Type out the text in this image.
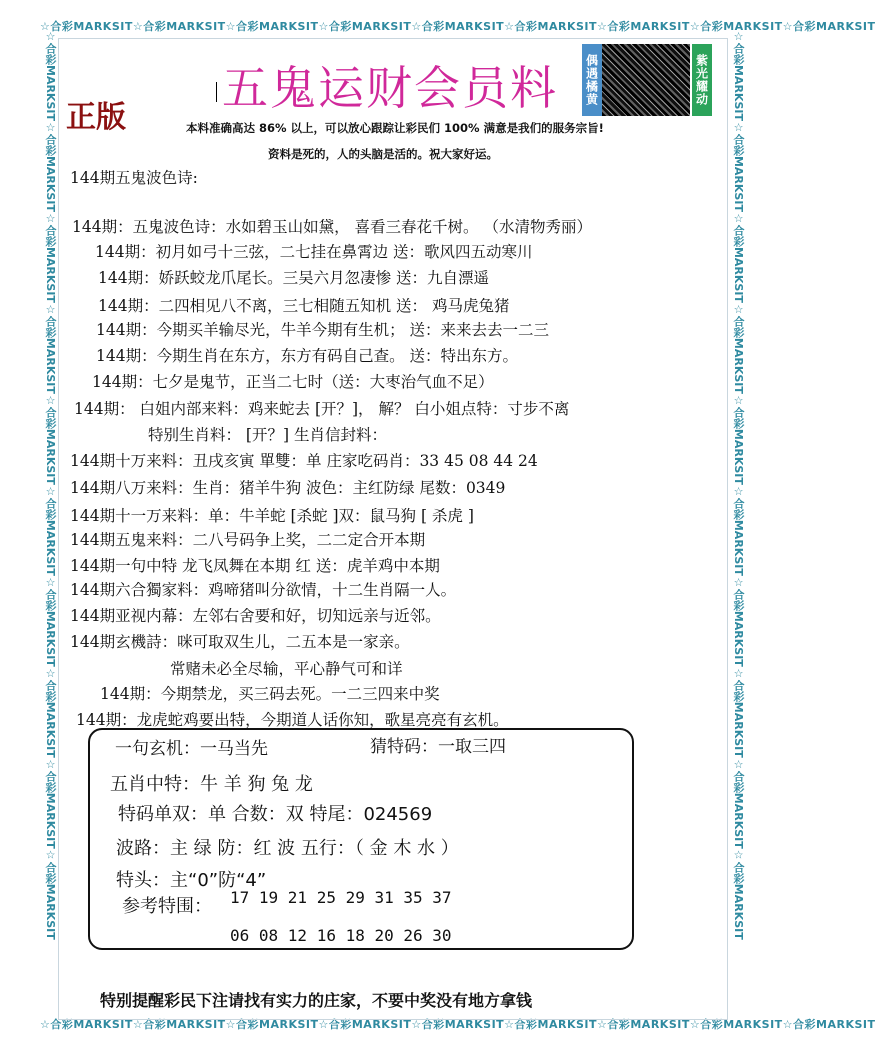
☆合彩MARKSIT☆合彩MARKSIT☆合彩MARKSIT☆合彩MARKSIT☆合彩MARKSIT☆合彩MARKSIT☆合彩MARKSIT☆合彩MARKSIT☆合彩MARKSIT
☆合彩MARKSIT☆合彩MARKSIT☆合彩MARKSIT☆合彩MARKSIT☆合彩MARKSIT☆合彩MARKSIT☆合彩MARKSIT☆合彩MARKSIT☆合彩MARKSIT
☆合彩MARKSIT☆合彩MARKSIT☆合彩MARKSIT☆合彩MARKSIT☆合彩MARKSIT☆合彩MARKSIT☆合彩MARKSIT☆合彩MARKSIT☆合彩MARKSIT☆合彩MARKSIT	☆合彩MARKSIT☆合彩MARKSIT☆合彩MARKSIT☆合彩MARKSIT☆合彩MARKSIT☆合彩MARKSIT☆合彩MARKSIT☆合彩MARKSIT☆合彩MARKSIT☆合彩MARKSIT
五鬼运财会员料
正版
偶遇橘黄	紫光耀动
本料准确高达 86% 以上，可以放心跟踪让彩民们 100% 满意是我们的服务宗旨!
资料是死的，人的头脑是活的。祝大家好运。
144期五鬼波色诗:
144期：五鬼波色诗：水如碧玉山如黛， 喜看三春花千树。 （水清物秀丽）
144期：初月如弓十三弦，二七挂在鼻霄边 送：歌风四五动寒川
144期：娇跃蛟龙爪尾长。三吴六月忽凄惨 送：九自漂遥
144期：二四相见八不离，三七相随五知机 送： 鸡马虎兔猪
144期：今期买羊输尽光，牛羊今期有生机； 送：来来去去一二三
144期：今期生肖在东方，东方有码自己查。 送：特出东方。
144期：七夕是鬼节，正当二七时（送：大枣治气血不足）
144期： 白姐内部来料：鸡来蛇去 [开？]， 解？ 白小姐点特：寸步不离
特别生肖料： [开？] 生肖信封料：
144期十万来料：丑戌亥寅 單雙：单 庄家吃码肖：33 45 08 44 24
144期八万来料：生肖：猪羊牛狗 波色：主红防绿 尾数：0349
144期十一万来料：单：牛羊蛇 [杀蛇 ]双：鼠马狗 [ 杀虎 ]
144期五鬼来料：二八号码争上奖，二二定合开本期
144期一句中特 龙飞凤舞在本期 红 送：虎羊鸡中本期
144期六合獨家料：鸡啼猪叫分欲情，十二生肖隔一人。
144期亚视内幕：左邻右舍要和好，切知远亲与近邻。
144期玄機詩：咪可取双生儿，二五本是一家亲。
常赌未必全尽输，平心静气可和详
144期：今期禁龙，买三码去死。一二三四来中奖
144期：龙虎蛇鸡要出特，今期道人话你知，歌星亮亮有玄机。
一句玄机：一马当先	猜特码：一取三四
五肖中特：牛 羊 狗 兔 龙
特码单双：单 合数：双 特尾：024569
波路：主 绿 防：红 波 五行：（ 金 木 水 ）
特头：主“0”防“4”
参考特围： 17 19 21 25 29 31 35 37
06 08 12 16 18 20 26 30
特别提醒彩民下注请找有实力的庄家，不要中奖没有地方拿钱
